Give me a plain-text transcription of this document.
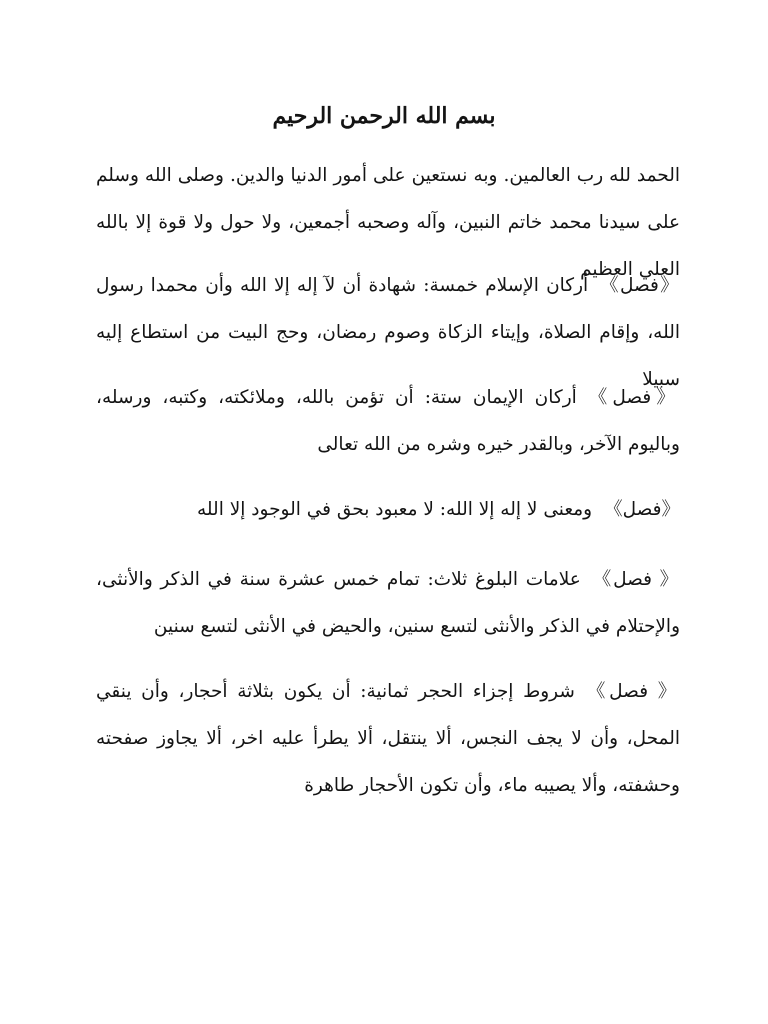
بسم الله الرحمن الرحيم
الحمد لله رب العالمين. وبه نستعين على أمور الدنيا والدين. وصلى الله وسلم على سيدنا محمد خاتم النبين، وآله وصحبه أجمعين، ولا حول ولا قوة إلا بالله العلي العظيم
《فصل》أركان الإسلام خمسة: شهادة أن لآ إله إلا الله وأن محمدا رسول الله، وإقام الصلاة، وإيتاء الزكاة وصوم رمضان، وحج البيت من استطاع إليه سبيلا
《فصل》أركان الإيمان ستة: أن تؤمن بالله، وملائكته، وكتبه، ورسله، وباليوم الآخر، وبالقدر خيره وشره من الله تعالى
《فصل》ومعنى لا إله إلا الله: لا معبود بحق في الوجود إلا الله
《 فصل》علامات البلوغ ثلاث: تمام خمس عشرة سنة في الذكر والأنثى، والإحتلام في الذكر والأنثى لتسع سنين، والحيض في الأنثى لتسع سنين
《 فصل》شروط إجزاء الحجر ثمانية: أن يكون بثلاثة أحجار، وأن ينقي المحل، وأن لا يجف النجس، ألا ينتقل، ألا يطرأ عليه اخر، ألا يجاوز صفحته وحشفته، وألا يصيبه ماء، وأن تكون الأحجار طاهرة
